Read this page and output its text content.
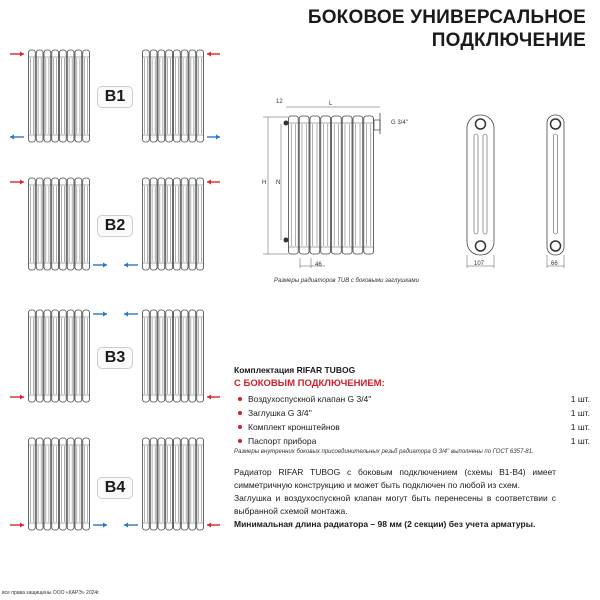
БОКОВОЕ УНИВЕРСАЛЬНОЕ
ПОДКЛЮЧЕНИЕ
B1
B2
B3
B4
12	L
H N
46
G 3/4''
107	66
Размеры радиаторов TUB с боковыми заглушками
Комплектация RIFAR TUBOG
С БОКОВЫМ ПОДКЛЮЧЕНИЕМ:
Воздухоспускной клапан G 3/4''	1 шт.
Заглушка G 3/4''	1 шт.
Комплект кронштейнов	1 шт.
Паспорт прибора	1 шт.
Размеры внутренних боковых присоединительных резьб радиатора G 3/4'' выполнены по ГОСТ 6357-81.
Радиатор RIFAR TUBOG с боковым подключением (схемы B1-B4) имеет симметричную конструкцию и может быть подключен по любой из схем.
Заглушка и воздухоспускной клапан могут быть перенесены в соответствии с выбранной схемой монтажа.
Минимальная длина радиатора – 98 мм (2 секции) без учета арматуры.
все права защищены ООО «КАРЭ» 2024г.
